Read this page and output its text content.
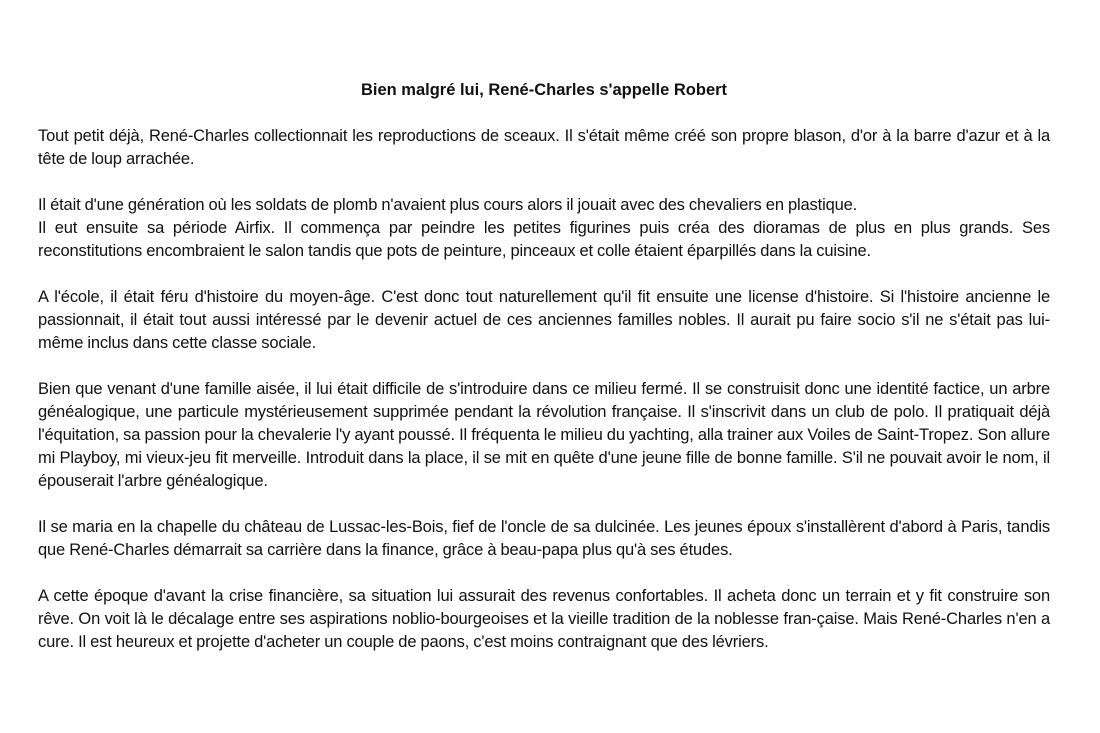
Bien malgré lui, René-Charles s'appelle Robert

Tout petit déjà, René-Charles collectionnait les reproductions de sceaux. Il s'était même créé son propre blason, d'or à la barre d'azur et à la tête de loup arrachée.

Il était d'une génération où les soldats de plomb n'avaient plus cours alors il jouait avec des chevaliers en plastique.
Il eut ensuite sa période Airfix. Il commença par peindre les petites figurines puis créa des dioramas de plus en plus grands. Ses reconstitutions encombraient le salon tandis que pots de peinture, pinceaux et colle étaient éparpillés dans la cuisine.

A l'école, il était féru d'histoire du moyen-âge. C'est donc tout naturellement qu'il fit ensuite une license d'histoire. Si l'histoire ancienne le passionnait, il était tout aussi intéressé par le devenir actuel de ces anciennes familles nobles. Il aurait pu faire socio s'il ne s'était pas lui-même inclus dans cette classe sociale.

Bien que venant d'une famille aisée, il lui était difficile de s'introduire dans ce milieu fermé. Il se construisit donc une identité factice, un arbre généalogique, une particule mystérieusement supprimée pendant la révolution française. Il s'inscrivit dans un club de polo. Il pratiquait déjà l'équitation, sa passion pour la chevalerie l'y ayant poussé. Il fréquenta le milieu du yachting, alla trainer aux Voiles de Saint-Tropez. Son allure mi Playboy, mi vieux-jeu fit merveille. Introduit dans la place, il se mit en quête d'une jeune fille de bonne famille. S'il ne pouvait avoir le nom, il épouserait l'arbre généalogique.

Il se maria en la chapelle du château de Lussac-les-Bois, fief de l'oncle de sa dulcinée. Les jeunes époux s'installèrent d'abord à Paris, tandis que René-Charles démarrait sa carrière dans la finance, grâce à beau-papa plus qu'à ses études.

A cette époque d'avant la crise financière, sa situation lui assurait des revenus confortables. Il acheta donc un terrain et y fit construire son rêve. On voit là le décalage entre ses aspirations noblio-bourgeoises et la vieille tradition de la noblesse fran-çaise. Mais René-Charles n'en a cure. Il est heureux et projette d'acheter un couple de paons, c'est moins contraignant que des lévriers.
